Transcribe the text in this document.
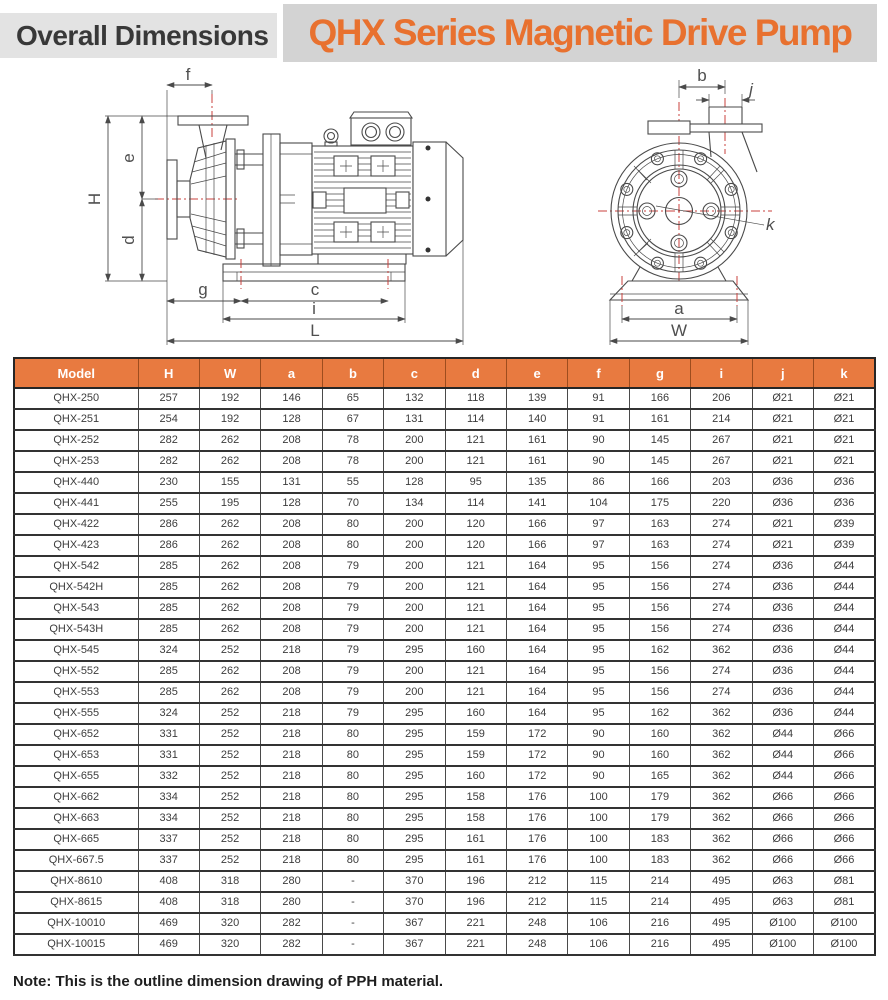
Overall Dimensions QHX Series Magnetic Drive Pump
f
H
e
d
g	c
i
L
b
j
k
a
W
Model	H	W	a	b	c	d	e	f	g	i	j	k
QHX-250	257	192	146	65	132	118	139	91	166	206	Ø21	Ø21
QHX-251	254	192	128	67	131	114	140	91	161	214	Ø21	Ø21
QHX-252	282	262	208	78	200	121	161	90	145	267	Ø21	Ø21
QHX-253	282	262	208	78	200	121	161	90	145	267	Ø21	Ø21
QHX-440	230	155	131	55	128	95	135	86	166	203	Ø36	Ø36
QHX-441	255	195	128	70	134	114	141	104	175	220	Ø36	Ø36
QHX-422	286	262	208	80	200	120	166	97	163	274	Ø21	Ø39
QHX-423	286	262	208	80	200	120	166	97	163	274	Ø21	Ø39
QHX-542	285	262	208	79	200	121	164	95	156	274	Ø36	Ø44
QHX-542H	285	262	208	79	200	121	164	95	156	274	Ø36	Ø44
QHX-543	285	262	208	79	200	121	164	95	156	274	Ø36	Ø44
QHX-543H	285	262	208	79	200	121	164	95	156	274	Ø36	Ø44
QHX-545	324	252	218	79	295	160	164	95	162	362	Ø36	Ø44
QHX-552	285	262	208	79	200	121	164	95	156	274	Ø36	Ø44
QHX-553	285	262	208	79	200	121	164	95	156	274	Ø36	Ø44
QHX-555	324	252	218	79	295	160	164	95	162	362	Ø36	Ø44
QHX-652	331	252	218	80	295	159	172	90	160	362	Ø44	Ø66
QHX-653	331	252	218	80	295	159	172	90	160	362	Ø44	Ø66
QHX-655	332	252	218	80	295	160	172	90	165	362	Ø44	Ø66
QHX-662	334	252	218	80	295	158	176	100	179	362	Ø66	Ø66
QHX-663	334	252	218	80	295	158	176	100	179	362	Ø66	Ø66
QHX-665	337	252	218	80	295	161	176	100	183	362	Ø66	Ø66
QHX-667.5	337	252	218	80	295	161	176	100	183	362	Ø66	Ø66
QHX-8610	408	318	280	-	370	196	212	115	214	495	Ø63	Ø81
QHX-8615	408	318	280	-	370	196	212	115	214	495	Ø63	Ø81
QHX-10010	469	320	282	-	367	221	248	106	216	495	Ø100	Ø100
QHX-10015	469	320	282	-	367	221	248	106	216	495	Ø100	Ø100
Note: This is the outline dimension drawing of PPH material.
